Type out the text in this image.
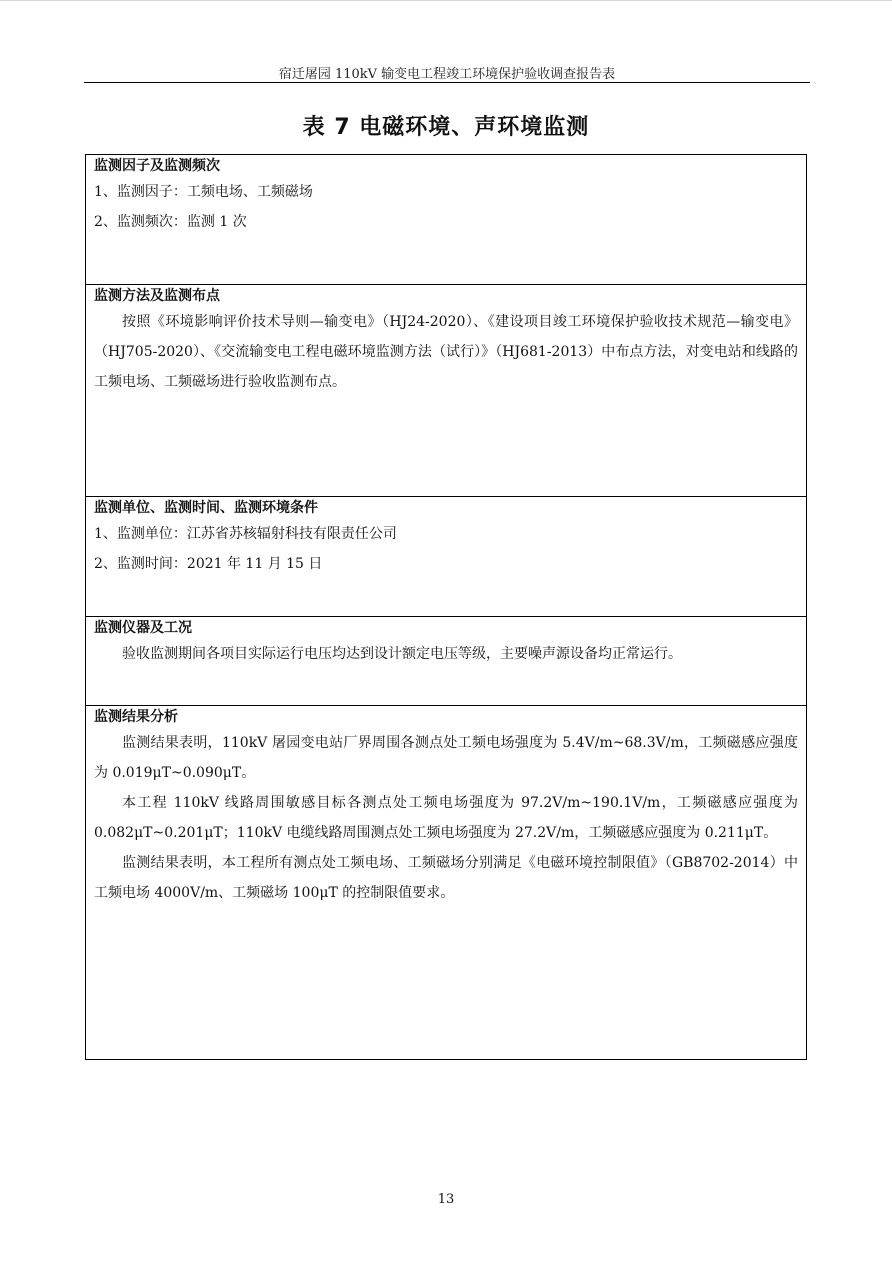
宿迁屠园 110kV 输变电工程竣工环境保护验收调查报告表
表 7 电磁环境、声环境监测
监测因子及监测频次
1、监测因子：工频电场、工频磁场
2、监测频次：监测 1 次
监测方法及监测布点

按照《环境影响评价技术导则—输变电》（HJ24-2020）、《建设项目竣工环境保护验收技术规范—输变电》（HJ705-2020）、《交流输变电工程电磁环境监测方法（试行）》（HJ681-2013）中布点方法，对变电站和线路的工频电场、工频磁场进行验收监测布点。

监测单位、监测时间、监测环境条件
1、监测单位：江苏省苏核辐射科技有限责任公司
2、监测时间：2021 年 11 月 15 日
监测仪器及工况

验收监测期间各项目实际运行电压均达到设计额定电压等级，主要噪声源设备均正常运行。

监测结果分析

监测结果表明，110kV 屠园变电站厂界周围各测点处工频电场强度为 5.4V/m~68.3V/m，工频磁感应强度为 0.019μT~0.090μT。

本工程 110kV 线路周围敏感目标各测点处工频电场强度为 97.2V/m~190.1V/m，工频磁感应强度为 0.082μT~0.201μT；110kV 电缆线路周围测点处工频电场强度为 27.2V/m，工频磁感应强度为 0.211μT。

监测结果表明，本工程所有测点处工频电场、工频磁场分别满足《电磁环境控制限值》（GB8702-2014）中工频电场 4000V/m、工频磁场 100μT 的控制限值要求。

13
